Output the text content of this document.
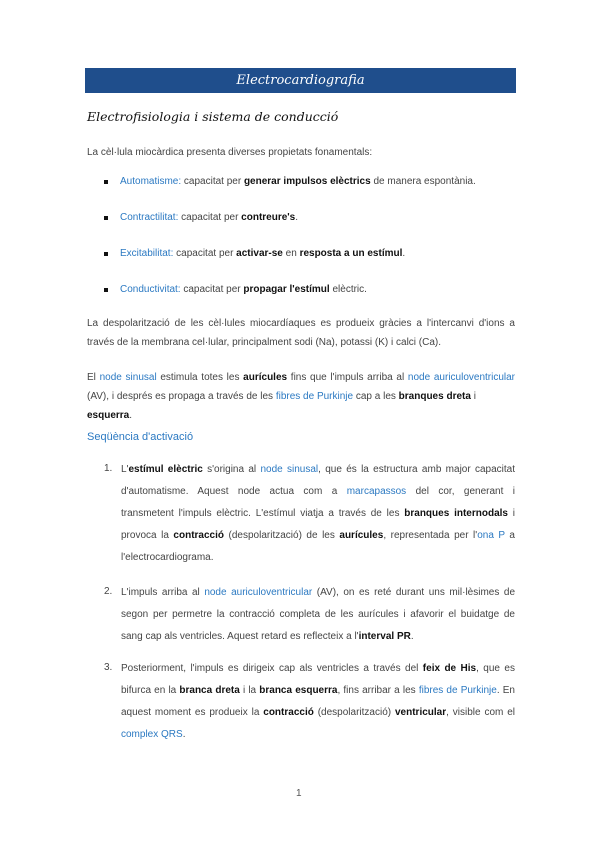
Electrocardiografia
Electrofisiologia i sistema de conducció
La cèl·lula miocàrdica presenta diverses propietats fonamentals:
Automatisme: capacitat per generar impulsos elèctrics de manera espontània.
Contractilitat: capacitat per contreure's.
Excitabilitat: capacitat per activar-se en resposta a un estímul.
Conductivitat: capacitat per propagar l'estímul elèctric.
La despolarització de les cèl·lules miocardíaques es produeix gràcies a l'intercanvi d'ions a
través de la membrana cel·lular, principalment sodi (Na), potassi (K) i calci (Ca).
El node sinusal estimula totes les aurícules fins que l'impuls arriba al node auriculoventricular
(AV), i després es propaga a través de les fibres de Purkinje cap a les branques dreta i esquerra.
Seqüència d'activació
1. L'estímul elèctric s'origina al node sinusal, que és la estructura amb major capacitat
d'automatisme. Aquest node actua com a marcapassos del cor, generant i
transmetent l'impuls elèctric. L'estímul viatja a través de les branques internodals i
provoca la contracció (despolarització) de les aurícules, representada per l'ona P a
l'electrocardiograma.
2. L'impuls arriba al node auriculoventricular (AV), on es reté durant uns mil·lèsimes de
segon per permetre la contracció completa de les aurícules i afavorir el buidatge de
sang cap als ventricles. Aquest retard es reflecteix a l'interval PR.
3. Posteriorment, l'impuls es dirigeix cap als ventricles a través del feix de His, que es
bifurca en la branca dreta i la branca esquerra, fins arribar a les fibres de Purkinje. En
aquest moment es produeix la contracció (despolarització) ventricular, visible com el
complex QRS.
1
